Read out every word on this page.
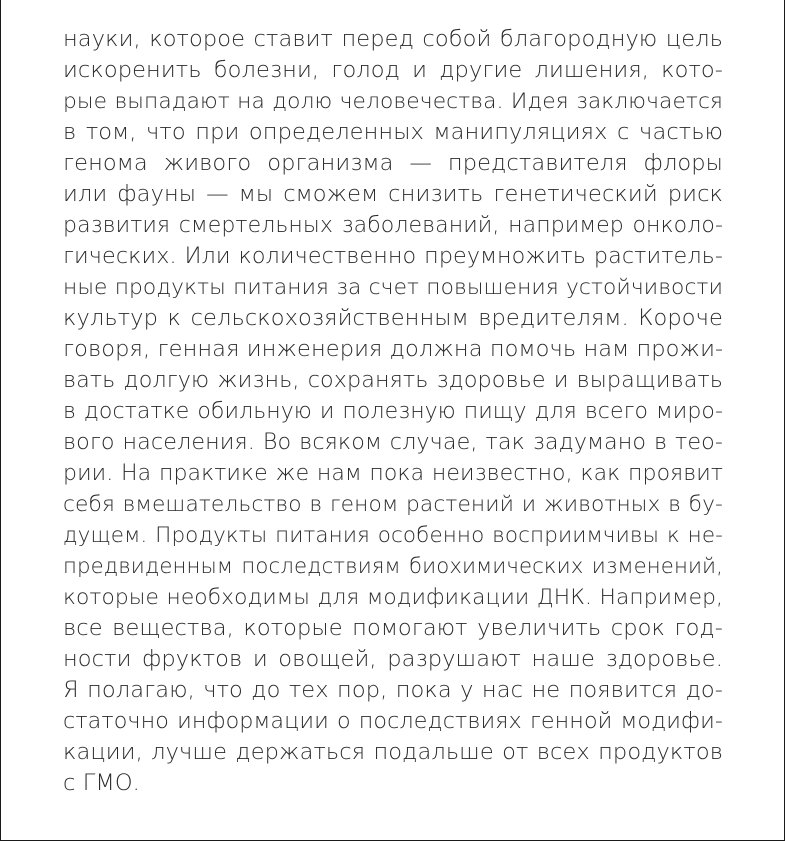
науки, которое ставит перед собой благородную цель
искоренить болезни, голод и другие лишения, кото-
рые выпадают на долю человечества. Идея заключается
в том, что при определенных манипуляциях с частью
генома живого организма — представителя флоры
или фауны — мы сможем снизить генетический риск
развития смертельных заболеваний, например онколо-
гических. Или количественно преумножить раститель-
ные продукты питания за счет повышения устойчивости
культур к сельскохозяйственным вредителям. Короче
говоря, генная инженерия должна помочь нам прожи-
вать долгую жизнь, сохранять здоровье и выращивать
в достатке обильную и полезную пищу для всего миро-
вого населения. Во всяком случае, так задумано в тео-
рии. На практике же нам пока неизвестно, как проявит
себя вмешательство в геном растений и животных в бу-
дущем. Продукты питания особенно восприимчивы к не-
предвиденным последствиям биохимических изменений,
которые необходимы для модификации ДНК. Например,
все вещества, которые помогают увеличить срок год-
ности фруктов и овощей, разрушают наше здоровье.
Я полагаю, что до тех пор, пока у нас не появится до-
статочно информации о последствиях генной модифи-
кации, лучше держаться подальше от всех продуктов
с ГМО.
